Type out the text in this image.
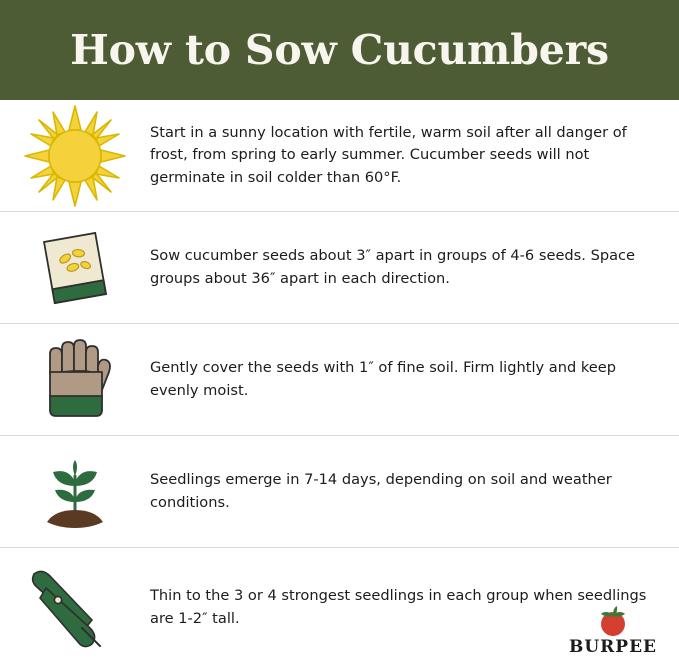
How to Sow Cucumbers
Start in a sunny location with fertile, warm soil after all danger of frost, from spring to early summer. Cucumber seeds will not germinate in soil colder than 60°F.
Sow cucumber seeds about 3″ apart in groups of 4-6 seeds. Space groups about 36″ apart in each direction.
Gently cover the seeds with 1″ of fine soil. Firm lightly and keep evenly moist.
Seedlings emerge in 7-14 days, depending on soil and weather conditions.
Thin to the 3 or 4 strongest seedlings in each group when seedlings are 1-2″ tall.
BURPEE
